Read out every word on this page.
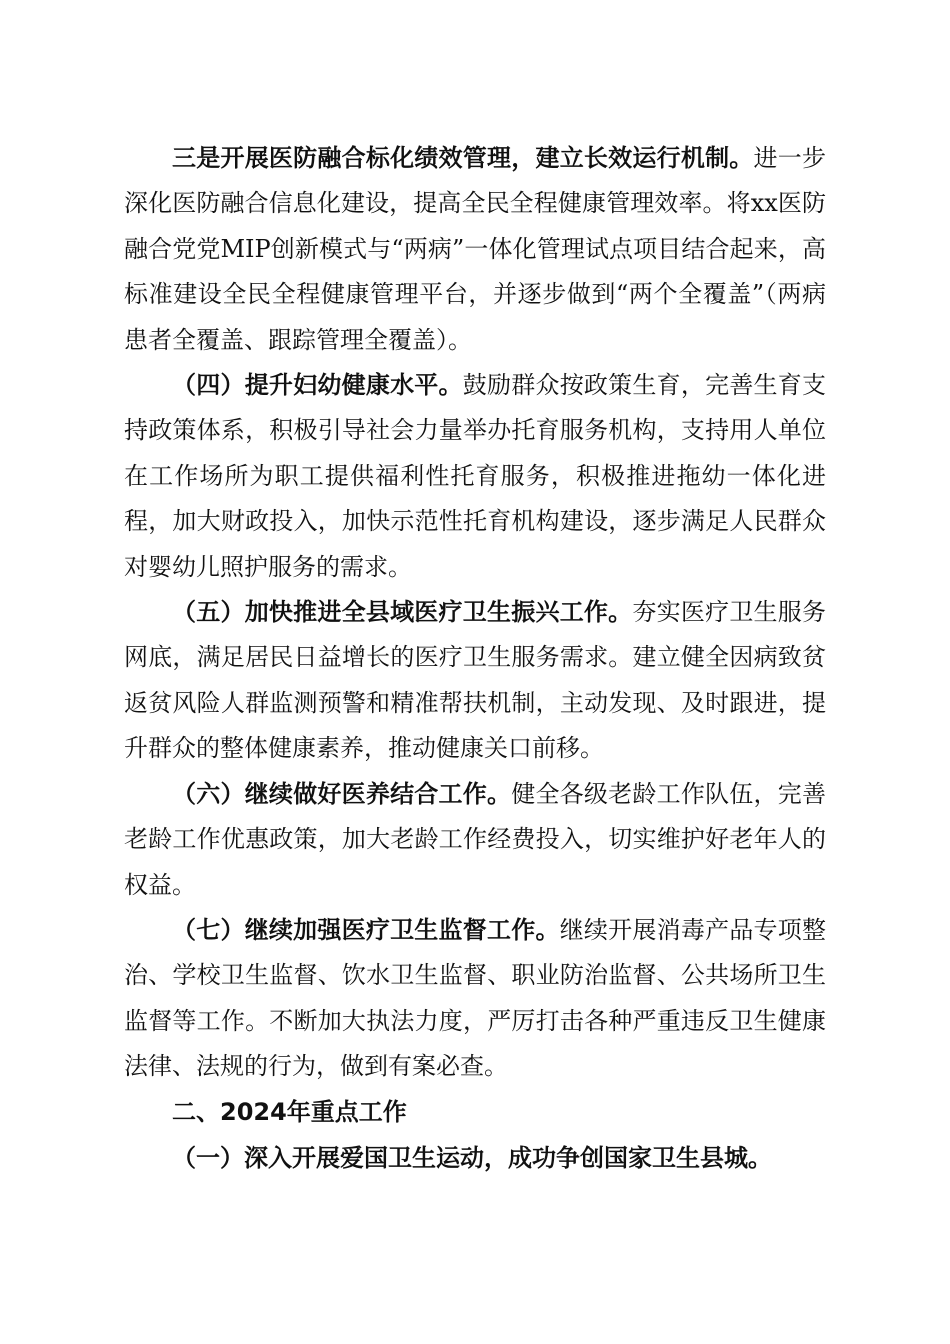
三是开展医防融合标化绩效管理，建立长效运行机制。进一步深化医防融合信息化建设，提高全民全程健康管理效率。将xx医防融合党党MIP创新模式与“两病”一体化管理试点项目结合起来，高标准建设全民全程健康管理平台，并逐步做到“两个全覆盖”（两病患者全覆盖、跟踪管理全覆盖）。

（四）提升妇幼健康水平。鼓励群众按政策生育，完善生育支持政策体系，积极引导社会力量举办托育服务机构，支持用人单位在工作场所为职工提供福利性托育服务，积极推进拖幼一体化进程，加大财政投入，加快示范性托育机构建设，逐步满足人民群众对婴幼儿照护服务的需求。

（五）加快推进全县域医疗卫生振兴工作。夯实医疗卫生服务网底，满足居民日益增长的医疗卫生服务需求。建立健全因病致贫返贫风险人群监测预警和精准帮扶机制，主动发现、及时跟进，提升群众的整体健康素养，推动健康关口前移。

（六）继续做好医养结合工作。健全各级老龄工作队伍，完善老龄工作优惠政策，加大老龄工作经费投入，切实维护好老年人的权益。

（七）继续加强医疗卫生监督工作。继续开展消毒产品专项整治、学校卫生监督、饮水卫生监督、职业防治监督、公共场所卫生监督等工作。不断加大执法力度，严厉打击各种严重违反卫生健康法律、法规的行为，做到有案必查。

二、2024年重点工作

（一）深入开展爱国卫生运动，成功争创国家卫生县城。
